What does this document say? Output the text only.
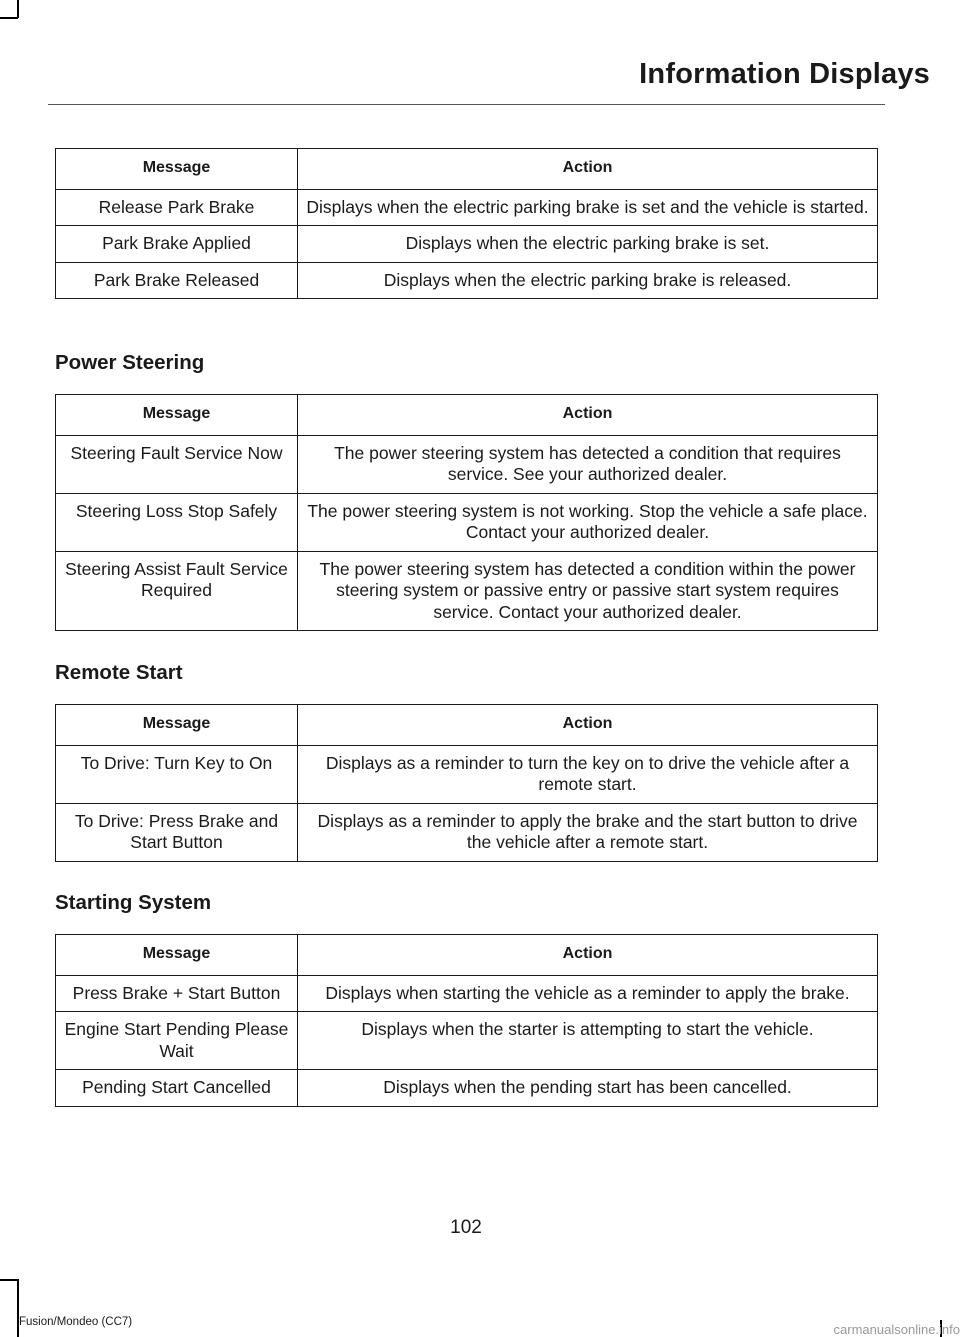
Information Displays
Message	Action
Release Park Brake	Displays when the electric parking brake is set and the vehicle is started.
Park Brake Applied	Displays when the electric parking brake is set.
Park Brake Released	Displays when the electric parking brake is released.
Power Steering
Message	Action
Steering Fault Service Now	The power steering system has detected a condition that requires service. See your authorized dealer.
Steering Loss Stop Safely	The power steering system is not working. Stop the vehicle a safe place. Contact your authorized dealer.
Steering Assist Fault Service Required	The power steering system has detected a condition within the power steering system or passive entry or passive start system requires service. Contact your authorized dealer.
Remote Start
Message	Action
To Drive: Turn Key to On	Displays as a reminder to turn the key on to drive the vehicle after a remote start.
To Drive: Press Brake and Start Button	Displays as a reminder to apply the brake and the start button to drive the vehicle after a remote start.
Starting System
Message	Action
Press Brake + Start Button	Displays when starting the vehicle as a reminder to apply the brake.
Engine Start Pending Please Wait	Displays when the starter is attempting to start the vehicle.
Pending Start Cancelled	Displays when the pending start has been cancelled.
102
Fusion/Mondeo (CC7)	carmanualsonline.info
